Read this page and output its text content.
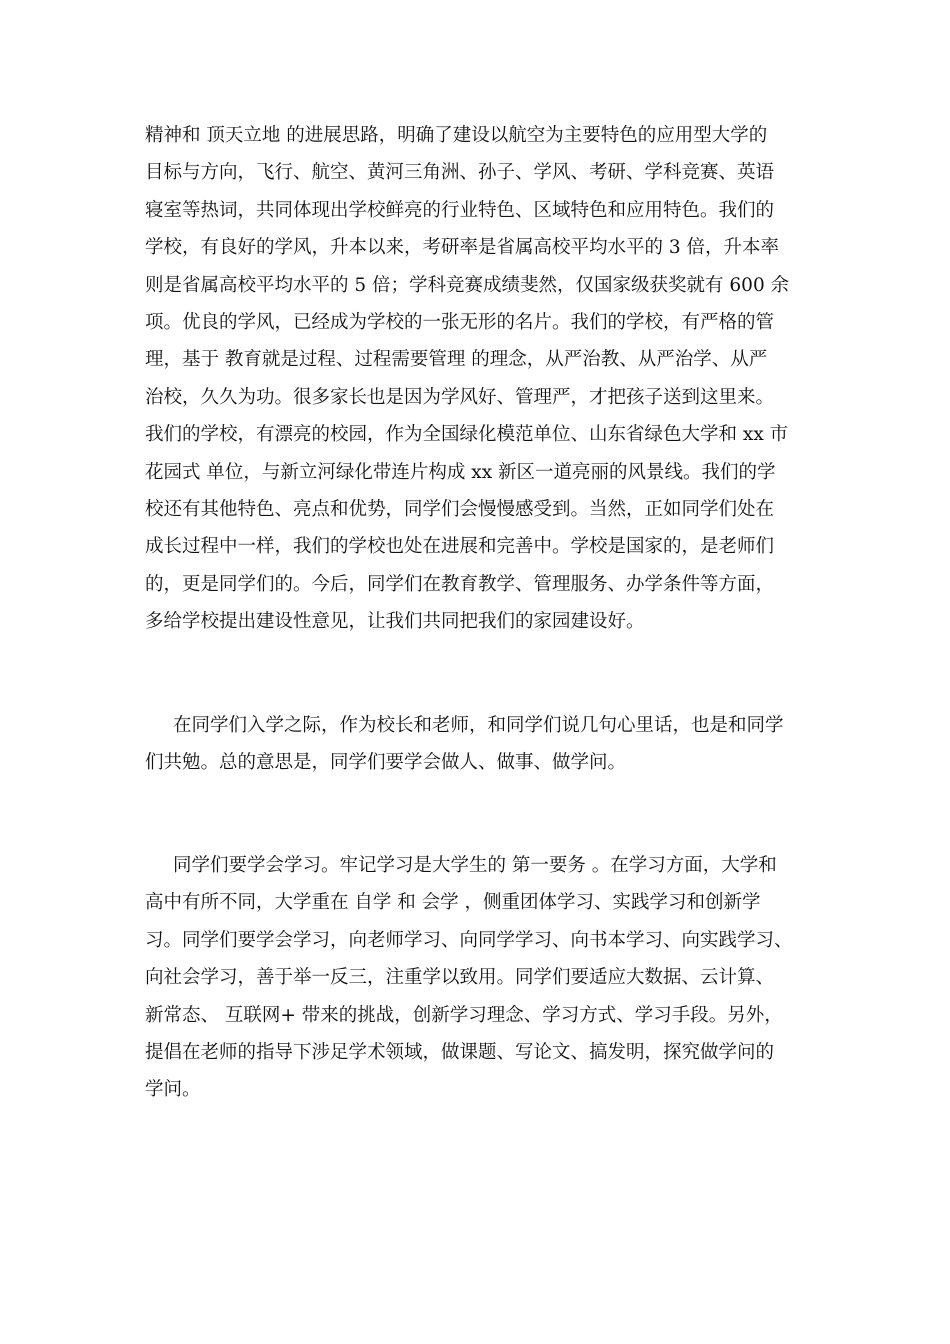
精神和 顶天立地 的进展思路，明确了建设以航空为主要特色的应用型大学的
目标与方向，飞行、航空、黄河三角洲、孙子、学风、考研、学科竞赛、英语
寝室等热词，共同体现出学校鲜亮的行业特色、区域特色和应用特色。我们的
学校，有良好的学风，升本以来，考研率是省属高校平均水平的 3 倍，升本率
则是省属高校平均水平的 5 倍；学科竞赛成绩斐然，仅国家级获奖就有 600 余
项。优良的学风，已经成为学校的一张无形的名片。我们的学校，有严格的管
理，基于 教育就是过程、过程需要管理 的理念，从严治教、从严治学、从严
治校，久久为功。很多家长也是因为学风好、管理严，才把孩子送到这里来。
我们的学校，有漂亮的校园，作为全国绿化模范单位、山东省绿色大学和 xx 市
花园式 单位，与新立河绿化带连片构成 xx 新区一道亮丽的风景线。我们的学
校还有其他特色、亮点和优势，同学们会慢慢感受到。当然，正如同学们处在
成长过程中一样，我们的学校也处在进展和完善中。学校是国家的，是老师们
的，更是同学们的。今后，同学们在教育教学、管理服务、办学条件等方面，
多给学校提出建设性意见，让我们共同把我们的家园建设好。
在同学们入学之际，作为校长和老师，和同学们说几句心里话，也是和同学
们共勉。总的意思是，同学们要学会做人、做事、做学问。
同学们要学会学习。牢记学习是大学生的 第一要务 。在学习方面，大学和
高中有所不同，大学重在 自学 和 会学 ，侧重团体学习、实践学习和创新学
习。同学们要学会学习，向老师学习、向同学学习、向书本学习、向实践学习、
向社会学习，善于举一反三，注重学以致用。同学们要适应大数据、云计算、
新常态、 互联网+ 带来的挑战，创新学习理念、学习方式、学习手段。另外，
提倡在老师的指导下涉足学术领域，做课题、写论文、搞发明，探究做学问的
学问。
